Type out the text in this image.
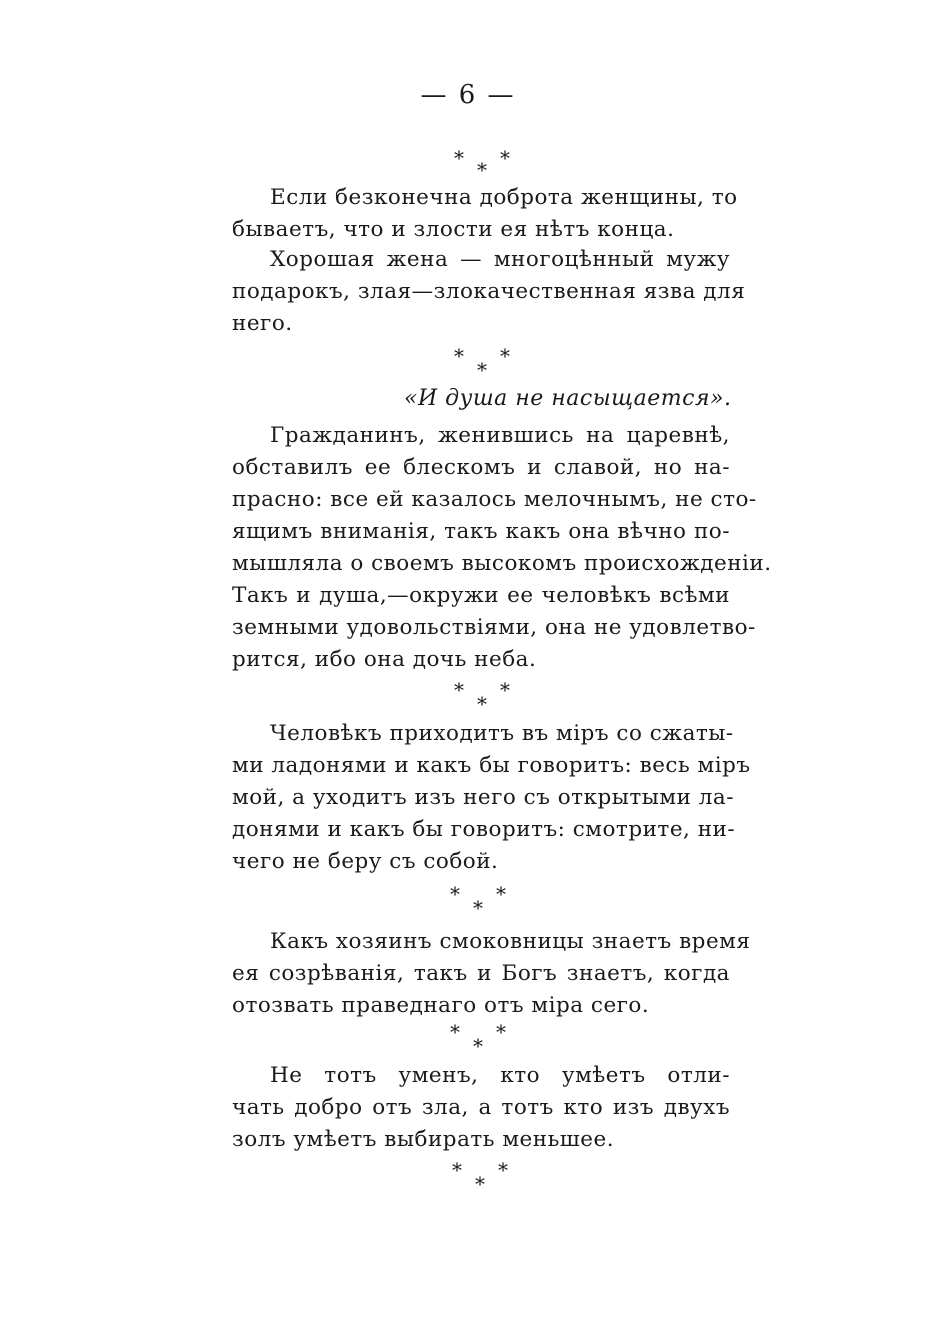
— 6 —
* *
*
Если безконечна доброта женщины, то
бываетъ, что и злости ея нѣтъ конца.
Хорошая жена — многоцѣнный мужу
подарокъ, злая—злокачественная язва для
него.
* *
*
«И душа не насыщается».
Гражданинъ, женившись на царевнѣ,
обставилъ ее блескомъ и славой, но на-
прасно: все ей казалось мелочнымъ, не сто-
ящимъ вниманія, такъ какъ она вѣчно по-
мышляла о своемъ высокомъ происхожденіи.
Такъ и душа,—окружи ее человѣкъ всѣми
земными удовольствіями, она не удовлетво-
рится, ибо она дочь неба.
* *
*
Человѣкъ приходитъ въ міръ со сжаты-
ми ладонями и какъ бы говоритъ: весь міръ
мой, а уходитъ изъ него съ открытыми ла-
донями и какъ бы говоритъ: смотрите, ни-
чего не беру съ собой.
* *
*
Какъ хозяинъ смоковницы знаетъ время
ея созрѣванія, такъ и Богъ знаетъ, когда
отозвать праведнаго отъ міра сего.
* *
*
Не тотъ уменъ, кто умѣетъ отли-
чать добро отъ зла, а тотъ кто изъ двухъ
золъ умѣетъ выбирать меньшее.
* *
*
